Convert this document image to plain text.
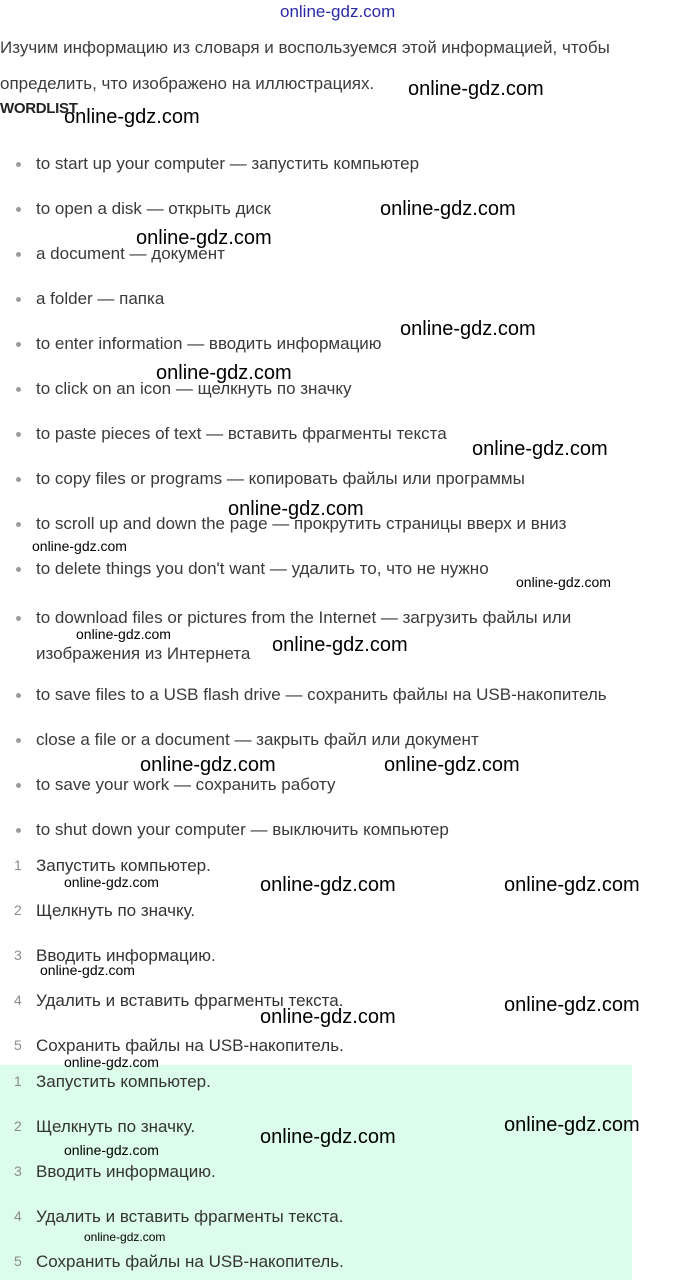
online-gdz.com
Изучим информацию из словаря и воспользуемся этой информацией, чтобы определить, что изображено на иллюстрациях.
WORDLIST
to start up your computer — запустить компьютер
to open a disk — открыть диск
a document — документ
a folder — папка
to enter information — вводить информацию
to click on an icon — щелкнуть по значку
to paste pieces of text — вставить фрагменты текста
to copy files or programs — копировать файлы или программы
to scroll up and down the page — прокрутить страницы вверх и вниз
to delete things you don't want — удалить то, что не нужно
to download files or pictures from the Internet — загрузить файлы или изображения из Интернета
to save files to a USB flash drive — сохранить файлы на USB-накопитель
close a file or a document — закрыть файл или документ
to save your work — сохранить работу
to shut down your computer — выключить компьютер
1 Запустить компьютер.
2 Щелкнуть по значку.
3 Вводить информацию.
4 Удалить и вставить фрагменты текста.
5 Сохранить файлы на USB-накопитель.
1 Запустить компьютер.
2 Щелкнуть по значку.
3 Вводить информацию.
4 Удалить и вставить фрагменты текста.
5 Сохранить файлы на USB-накопитель.
online-gdz.com
online-gdz.com
online-gdz.com
online-gdz.com
online-gdz.com
online-gdz.com
online-gdz.com
online-gdz.com
online-gdz.com
online-gdz.com
online-gdz.com	online-gdz.com
online-gdz.com	online-gdz.com
online-gdz.com	online-gdz.com	online-gdz.com
online-gdz.com
online-gdz.com
online-gdz.com
online-gdz.com
online-gdz.com
online-gdz.com
online-gdz.com
online-gdz.com
